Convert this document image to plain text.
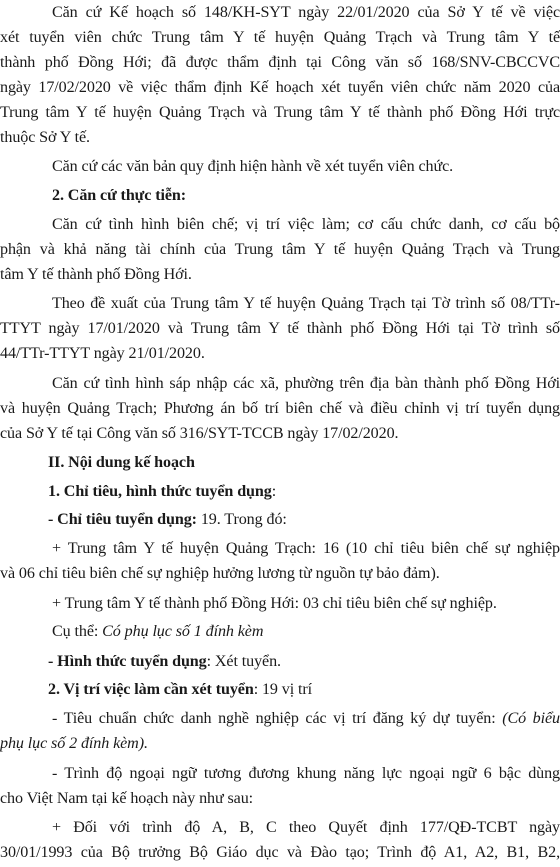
Căn cứ Kế hoạch số 148/KH-SYT ngày 22/01/2020 của Sở Y tế về việc
xét tuyển viên chức Trung tâm Y tế huyện Quảng Trạch và Trung tâm Y tế
thành phố Đồng Hới; đã được thẩm định tại Công văn số 168/SNV-CBCCVC
ngày 17/02/2020 về việc thẩm định Kế hoạch xét tuyển viên chức năm 2020 của
Trung tâm Y tế huyện Quảng Trạch và Trung tâm Y tế thành phố Đồng Hới trực
thuộc Sở Y tế.
Căn cứ các văn bản quy định hiện hành về xét tuyển viên chức.
2. Căn cứ thực tiễn:
Căn cứ tình hình biên chế; vị trí việc làm; cơ cấu chức danh, cơ cấu bộ
phận và khả năng tài chính của Trung tâm Y tế huyện Quảng Trạch và Trung
tâm Y tế thành phố Đồng Hới.
Theo đề xuất của Trung tâm Y tế huyện Quảng Trạch tại Tờ trình số 08/TTr-
TTYT ngày 17/01/2020 và Trung tâm Y tế thành phố Đồng Hới tại Tờ trình số
44/TTr-TTYT ngày 21/01/2020.
Căn cứ tình hình sáp nhập các xã, phường trên địa bàn thành phố Đồng Hới
và huyện Quảng Trạch; Phương án bố trí biên chế và điều chỉnh vị trí tuyển dụng
của Sở Y tế tại Công văn số 316/SYT-TCCB ngày 17/02/2020.
II. Nội dung kế hoạch
1. Chỉ tiêu, hình thức tuyển dụng:
- Chỉ tiêu tuyển dụng: 19. Trong đó:
+ Trung tâm Y tế huyện Quảng Trạch: 16 (10 chỉ tiêu biên chế sự nghiệp
và 06 chỉ tiêu biên chế sự nghiệp hưởng lương từ nguồn tự bảo đảm).
+ Trung tâm Y tế thành phố Đồng Hới: 03 chỉ tiêu biên chế sự nghiệp.
Cụ thể: Có phụ lục số 1 đính kèm
- Hình thức tuyển dụng: Xét tuyển.
2. Vị trí việc làm cần xét tuyển: 19 vị trí
- Tiêu chuẩn chức danh nghề nghiệp các vị trí đăng ký dự tuyển: (Có biểu
phụ lục số 2 đính kèm).
- Trình độ ngoại ngữ tương đương khung năng lực ngoại ngữ 6 bậc dùng
cho Việt Nam tại kế hoạch này như sau:
+ Đối với trình độ A, B, C theo Quyết định 177/QĐ-TCBT ngày
30/01/1993 của Bộ trưởng Bộ Giáo dục và Đào tạo; Trình độ A1, A2, B1, B2,
